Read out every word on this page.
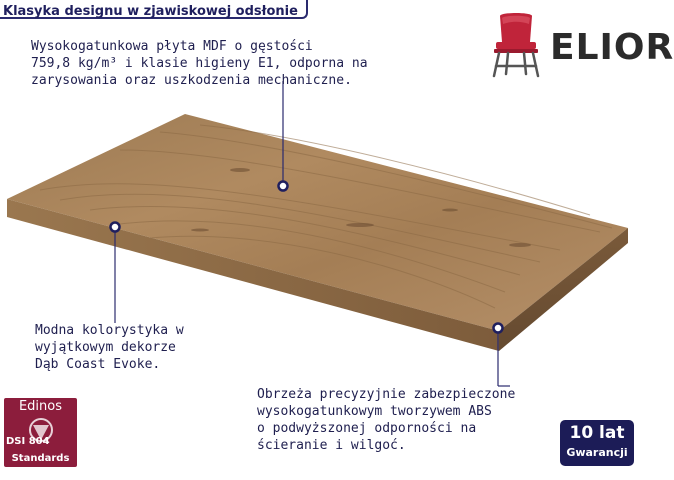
Klasyka designu w zjawiskowej odsłonie
ELIOR
Wysokogatunkowa płyta MDF o gęstości
759,8 kg/m³ i klasie higieny E1, odporna na
zarysowania oraz uszkodzenia mechaniczne.
Modna kolorystyka w
wyjątkowym dekorze
Dąb Coast Evoke.
Obrzeża precyzyjnie zabezpieczone
wysokogatunkowym tworzywem ABS
o podwyższonej odporności na
ścieranie i wilgoć.
Edinos
DSI 804
Standards
10 lat
Gwarancji
